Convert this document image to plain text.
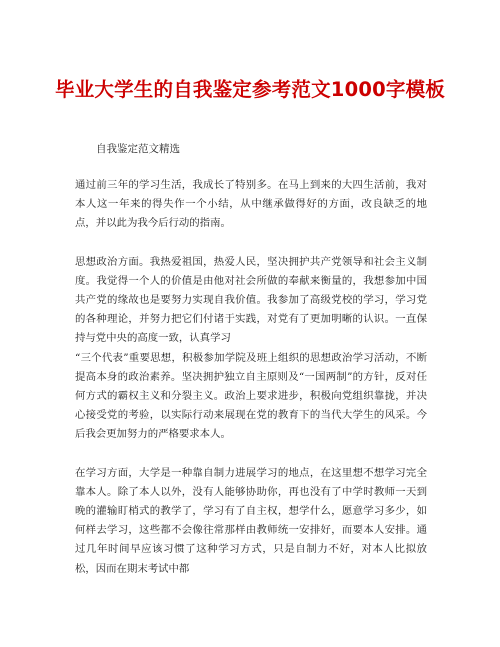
毕业大学生的自我鉴定参考范文1000字模板
自我鉴定范文精选

通过前三年的学习生活，我成长了特别多。在马上到来的大四生活前，我对本人这一年来的得失作一个小结，从中继承做得好的方面，改良缺乏的地点，并以此为我今后行动的指南。

思想政治方面。我热爱祖国，热爱人民，坚决拥护共产党领导和社会主义制度。我觉得一个人的价值是由他对社会所做的奉献来衡量的，我想参加中国共产党的缘故也是要努力实现自我价值。我参加了高级党校的学习，学习党的各种理论，并努力把它们付诸于实践，对党有了更加明晰的认识。一直保持与党中央的高度一致，认真学习

“三个代表”重要思想，积极参加学院及班上组织的思想政治学习活动，不断提高本身的政治素养。坚决拥护独立自主原则及“一国两制”的方针，反对任何方式的霸权主义和分裂主义。政治上要求进步，积极向党组织靠拢，并决心接受党的考验，以实际行动来展现在党的教育下的当代大学生的风采。今后我会更加努力的严格要求本人。

在学习方面，大学是一种靠自制力进展学习的地点，在这里想不想学习完全靠本人。除了本人以外，没有人能够协助你，再也没有了中学时教师一天到晚的灌输盯梢式的教学了，学习有了自主权，想学什么，愿意学习多少，如何样去学习，这些都不会像往常那样由教师统一安排好，而要本人安排。通过几年时间早应该习惯了这种学习方式，只是自制力不好，对本人比拟放松，因而在期末考试中都
